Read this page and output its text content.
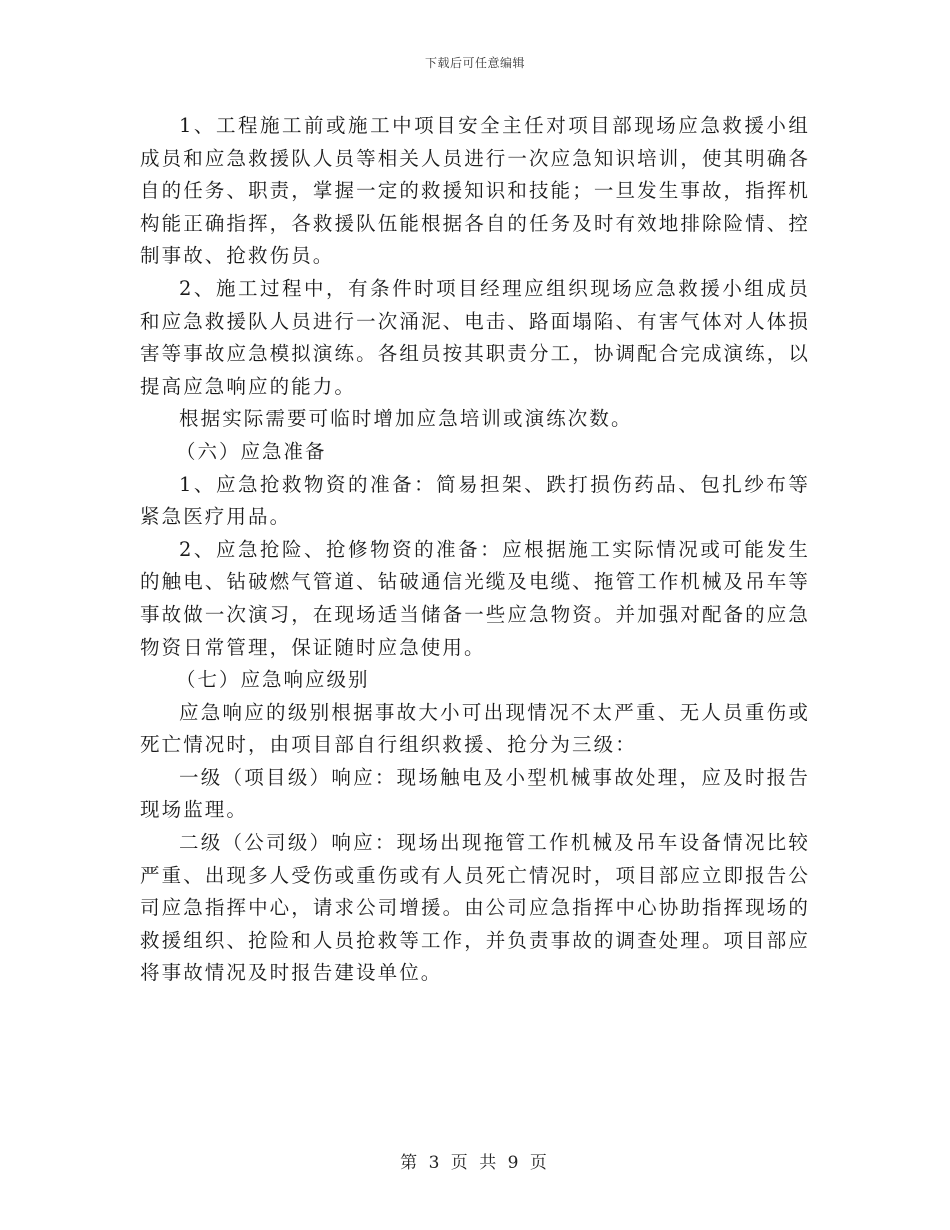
下载后可任意编辑

1、工程施工前或施工中项目安全主任对项目部现场应急救援小组成员和应急救援队人员等相关人员进行一次应急知识培训，使其明确各自的任务、职责，掌握一定的救援知识和技能；一旦发生事故，指挥机构能正确指挥，各救援队伍能根据各自的任务及时有效地排除险情、控制事故、抢救伤员。

2、施工过程中，有条件时项目经理应组织现场应急救援小组成员和应急救援队人员进行一次涌泥、电击、路面塌陷、有害气体对人体损害等事故应急模拟演练。各组员按其职责分工，协调配合完成演练，以提高应急响应的能力。

根据实际需要可临时增加应急培训或演练次数。

（六）应急准备

1、应急抢救物资的准备：简易担架、跌打损伤药品、包扎纱布等紧急医疗用品。

2、应急抢险、抢修物资的准备：应根据施工实际情况或可能发生的触电、钻破燃气管道、钻破通信光缆及电缆、拖管工作机械及吊车等事故做一次演习，在现场适当储备一些应急物资。并加强对配备的应急物资日常管理，保证随时应急使用。

（七）应急响应级别

应急响应的级别根据事故大小可出现情况不太严重、无人员重伤或死亡情况时，由项目部自行组织救援、抢分为三级：

一级（项目级）响应：现场触电及小型机械事故处理，应及时报告现场监理。

二级（公司级）响应：现场出现拖管工作机械及吊车设备情况比较严重、出现多人受伤或重伤或有人员死亡情况时，项目部应立即报告公司应急指挥中心，请求公司增援。由公司应急指挥中心协助指挥现场的救援组织、抢险和人员抢救等工作，并负责事故的调查处理。项目部应将事故情况及时报告建设单位。

第 3 页 共 9 页
